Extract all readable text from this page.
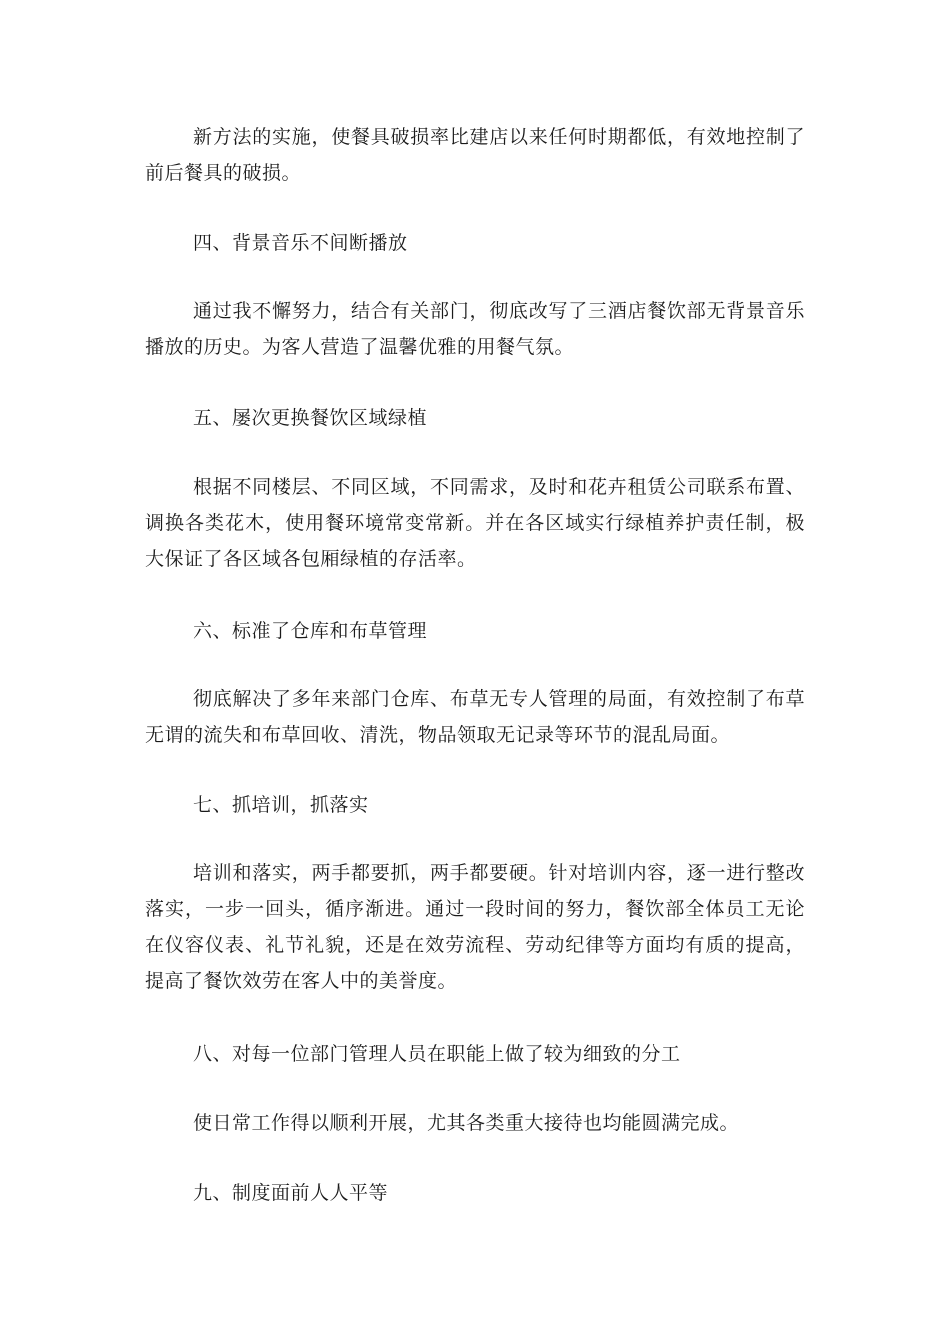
新方法的实施，使餐具破损率比建店以来任何时期都低，有效地控制了前后餐具的破损。

四、背景音乐不间断播放

通过我不懈努力，结合有关部门，彻底改写了三酒店餐饮部无背景音乐播放的历史。为客人营造了温馨优雅的用餐气氛。

五、屡次更换餐饮区域绿植

根据不同楼层、不同区域，不同需求，及时和花卉租赁公司联系布置、调换各类花木，使用餐环境常变常新。并在各区域实行绿植养护责任制，极大保证了各区域各包厢绿植的存活率。

六、标准了仓库和布草管理

彻底解决了多年来部门仓库、布草无专人管理的局面，有效控制了布草无谓的流失和布草回收、清洗，物品领取无记录等环节的混乱局面。

七、抓培训，抓落实

培训和落实，两手都要抓，两手都要硬。针对培训内容，逐一进行整改落实，一步一回头，循序渐进。通过一段时间的努力，餐饮部全体员工无论在仪容仪表、礼节礼貌，还是在效劳流程、劳动纪律等方面均有质的提高，提高了餐饮效劳在客人中的美誉度。

八、对每一位部门管理人员在职能上做了较为细致的分工

使日常工作得以顺利开展，尤其各类重大接待也均能圆满完成。

九、制度面前人人平等
